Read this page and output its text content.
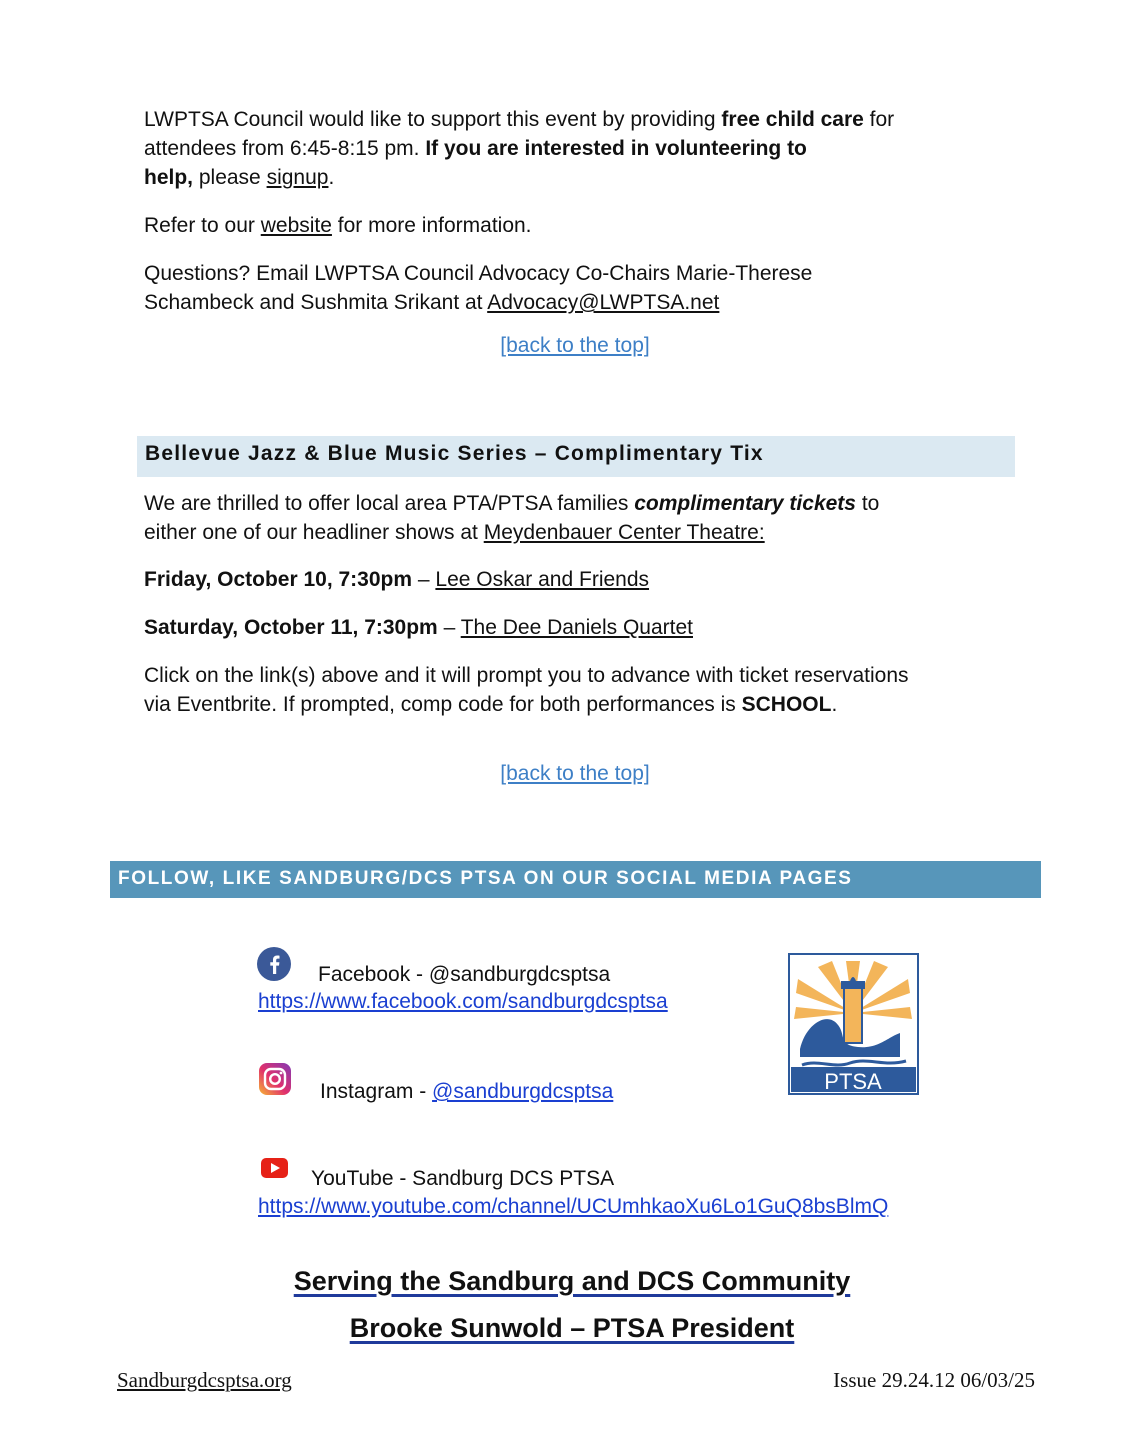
LWPTSA Council would like to support this event by providing free child care for
attendees from 6:45-8:15 pm. If you are interested in volunteering to
help, please signup.
Refer to our website for more information.
Questions? Email LWPTSA Council Advocacy Co-Chairs Marie-Therese
Schambeck and Sushmita Srikant at Advocacy@LWPTSA.net
[back to the top]
Bellevue Jazz & Blue Music Series – Complimentary Tix
We are thrilled to offer local area PTA/PTSA families complimentary tickets to
either one of our headliner shows at Meydenbauer Center Theatre:
Friday, October 10, 7:30pm – Lee Oskar and Friends
Saturday, October 11, 7:30pm – The Dee Daniels Quartet
Click on the link(s) above and it will prompt you to advance with ticket reservations
via Eventbrite. If prompted, comp code for both performances is SCHOOL.
[back to the top]
FOLLOW, LIKE SANDBURG/DCS PTSA ON OUR SOCIAL MEDIA PAGES
Facebook - @sandburgdcsptsa
https://www.facebook.com/sandburgdcsptsa
Instagram - @sandburgdcsptsa	PTSA
YouTube - Sandburg DCS PTSA
https://www.youtube.com/channel/UCUmhkaoXu6Lo1GuQ8bsBlmQ
Serving the Sandburg and DCS Community
Brooke Sunwold – PTSA President
Sandburgdcsptsa.org	Issue 29.24.12 06/03/25
